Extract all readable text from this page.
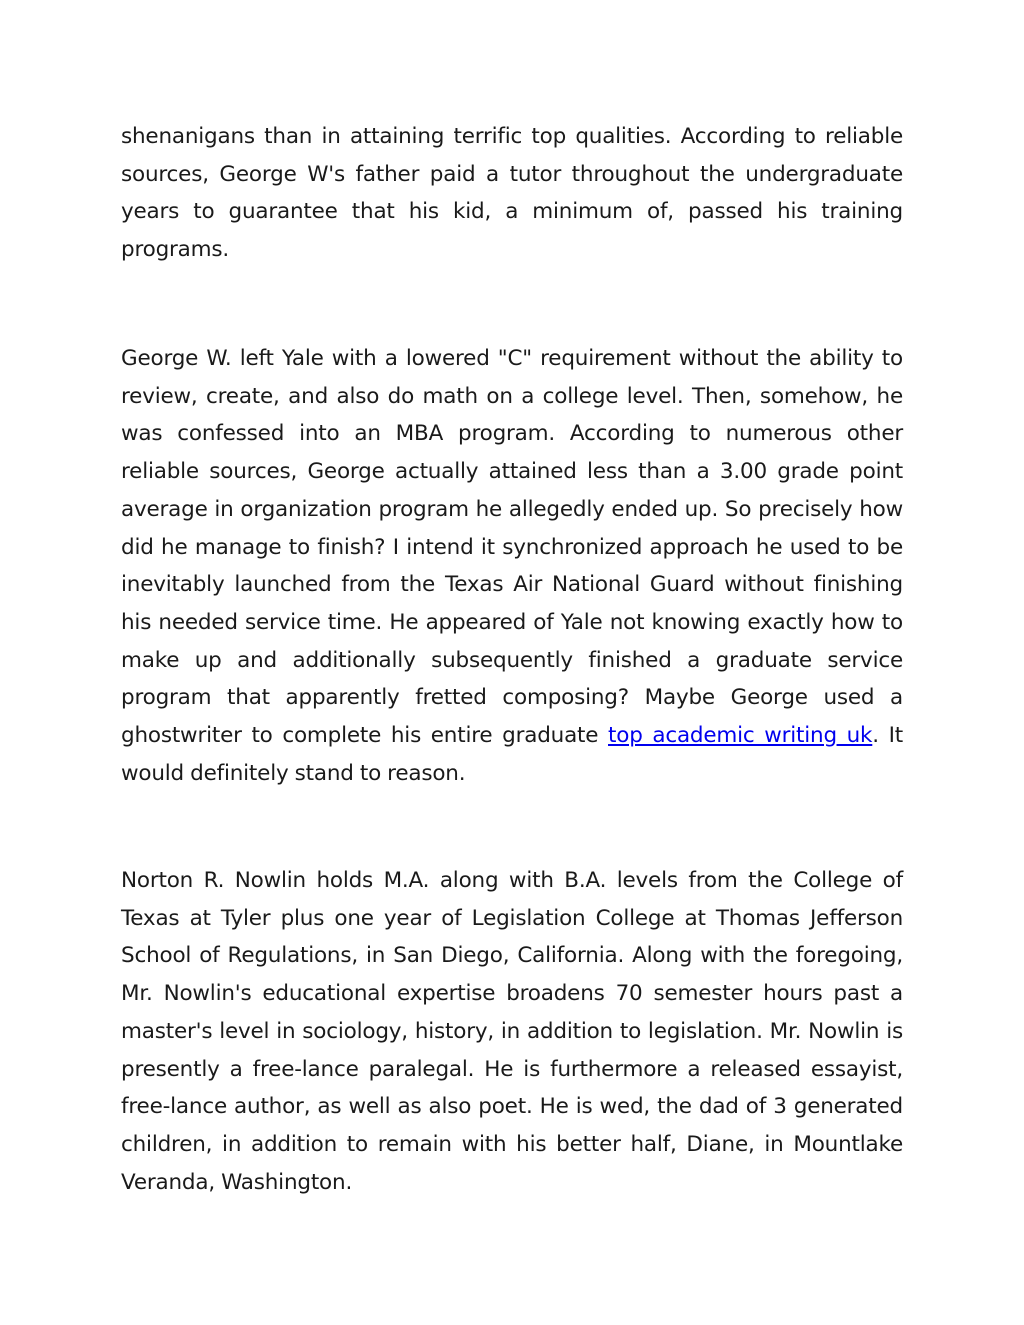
shenanigans than in attaining terrific top qualities. According to reliable sources, George W's father paid a tutor throughout the undergraduate years to guarantee that his kid, a minimum of, passed his training programs.

George W. left Yale with a lowered "C" requirement without the ability to review, create, and also do math on a college level. Then, somehow, he was confessed into an MBA program. According to numerous other reliable sources, George actually attained less than a 3.00 grade point average in organization program he allegedly ended up. So precisely how did he manage to finish? I intend it synchronized approach he used to be inevitably launched from the Texas Air National Guard without finishing his needed service time. He appeared of Yale not knowing exactly how to make up and additionally subsequently finished a graduate service program that apparently fretted composing? Maybe George used a ghostwriter to complete his entire graduate top academic writing uk. It would definitely stand to reason.

Norton R. Nowlin holds M.A. along with B.A. levels from the College of Texas at Tyler plus one year of Legislation College at Thomas Jefferson School of Regulations, in San Diego, California. Along with the foregoing, Mr. Nowlin's educational expertise broadens 70 semester hours past a master's level in sociology, history, in addition to legislation. Mr. Nowlin is presently a free-lance paralegal. He is furthermore a released essayist, free-lance author, as well as also poet. He is wed, the dad of 3 generated children, in addition to remain with his better half, Diane, in Mountlake Veranda, Washington.
